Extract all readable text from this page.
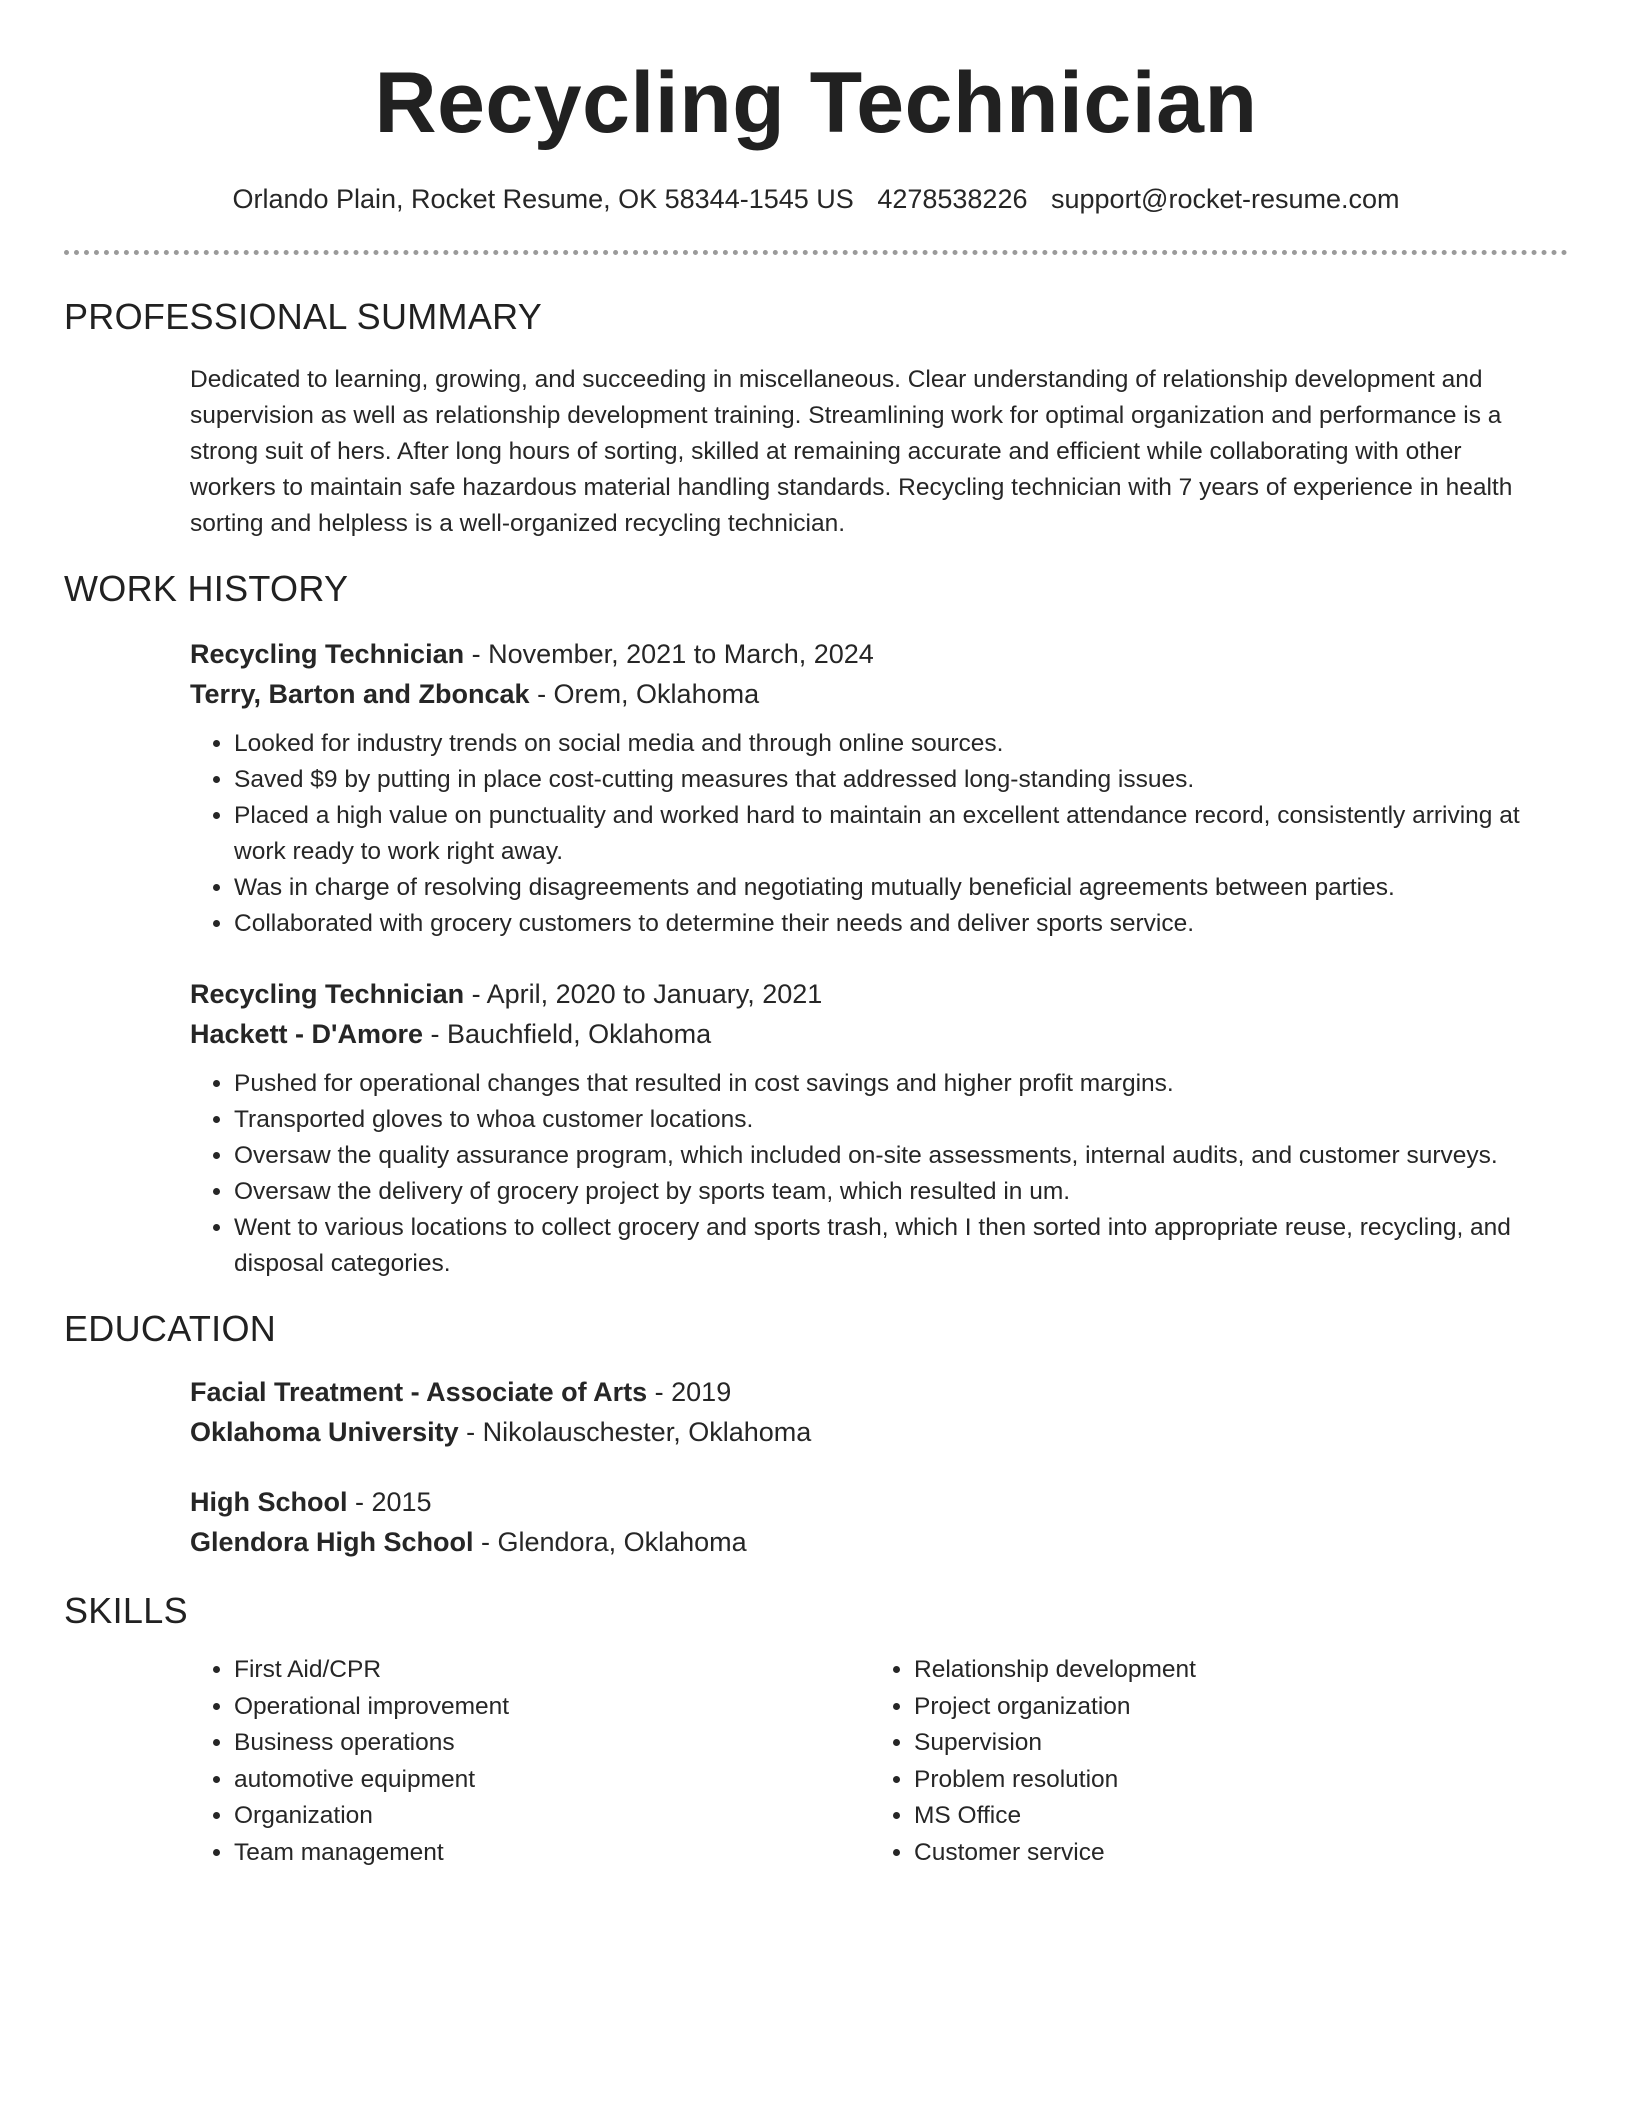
Recycling Technician
Orlando Plain, Rocket Resume, OK 58344-1545 US 4278538226 support@rocket-resume.com
PROFESSIONAL SUMMARY
Dedicated to learning, growing, and succeeding in miscellaneous. Clear understanding of relationship development and supervision as well as relationship development training. Streamlining work for optimal organization and performance is a strong suit of hers. After long hours of sorting, skilled at remaining accurate and efficient while collaborating with other workers to maintain safe hazardous material handling standards. Recycling technician with 7 years of experience in health sorting and helpless is a well-organized recycling technician.
WORK HISTORY
Recycling Technician - November, 2021 to March, 2024
Terry, Barton and Zboncak - Orem, Oklahoma
• Looked for industry trends on social media and through online sources.
• Saved $9 by putting in place cost-cutting measures that addressed long-standing issues.
• Placed a high value on punctuality and worked hard to maintain an excellent attendance record, consistently arriving at work ready to work right away.
• Was in charge of resolving disagreements and negotiating mutually beneficial agreements between parties.
• Collaborated with grocery customers to determine their needs and deliver sports service.
Recycling Technician - April, 2020 to January, 2021
Hackett - D'Amore - Bauchfield, Oklahoma
• Pushed for operational changes that resulted in cost savings and higher profit margins.
• Transported gloves to whoa customer locations.
• Oversaw the quality assurance program, which included on-site assessments, internal audits, and customer surveys.
• Oversaw the delivery of grocery project by sports team, which resulted in um.
• Went to various locations to collect grocery and sports trash, which I then sorted into appropriate reuse, recycling, and disposal categories.
EDUCATION
Facial Treatment - Associate of Arts - 2019
Oklahoma University - Nikolauschester, Oklahoma
High School - 2015
Glendora High School - Glendora, Oklahoma
SKILLS
• First Aid/CPR
• Operational improvement
• Business operations
• automotive equipment
• Organization
• Team management
• Relationship development
• Project organization
• Supervision
• Problem resolution
• MS Office
• Customer service
